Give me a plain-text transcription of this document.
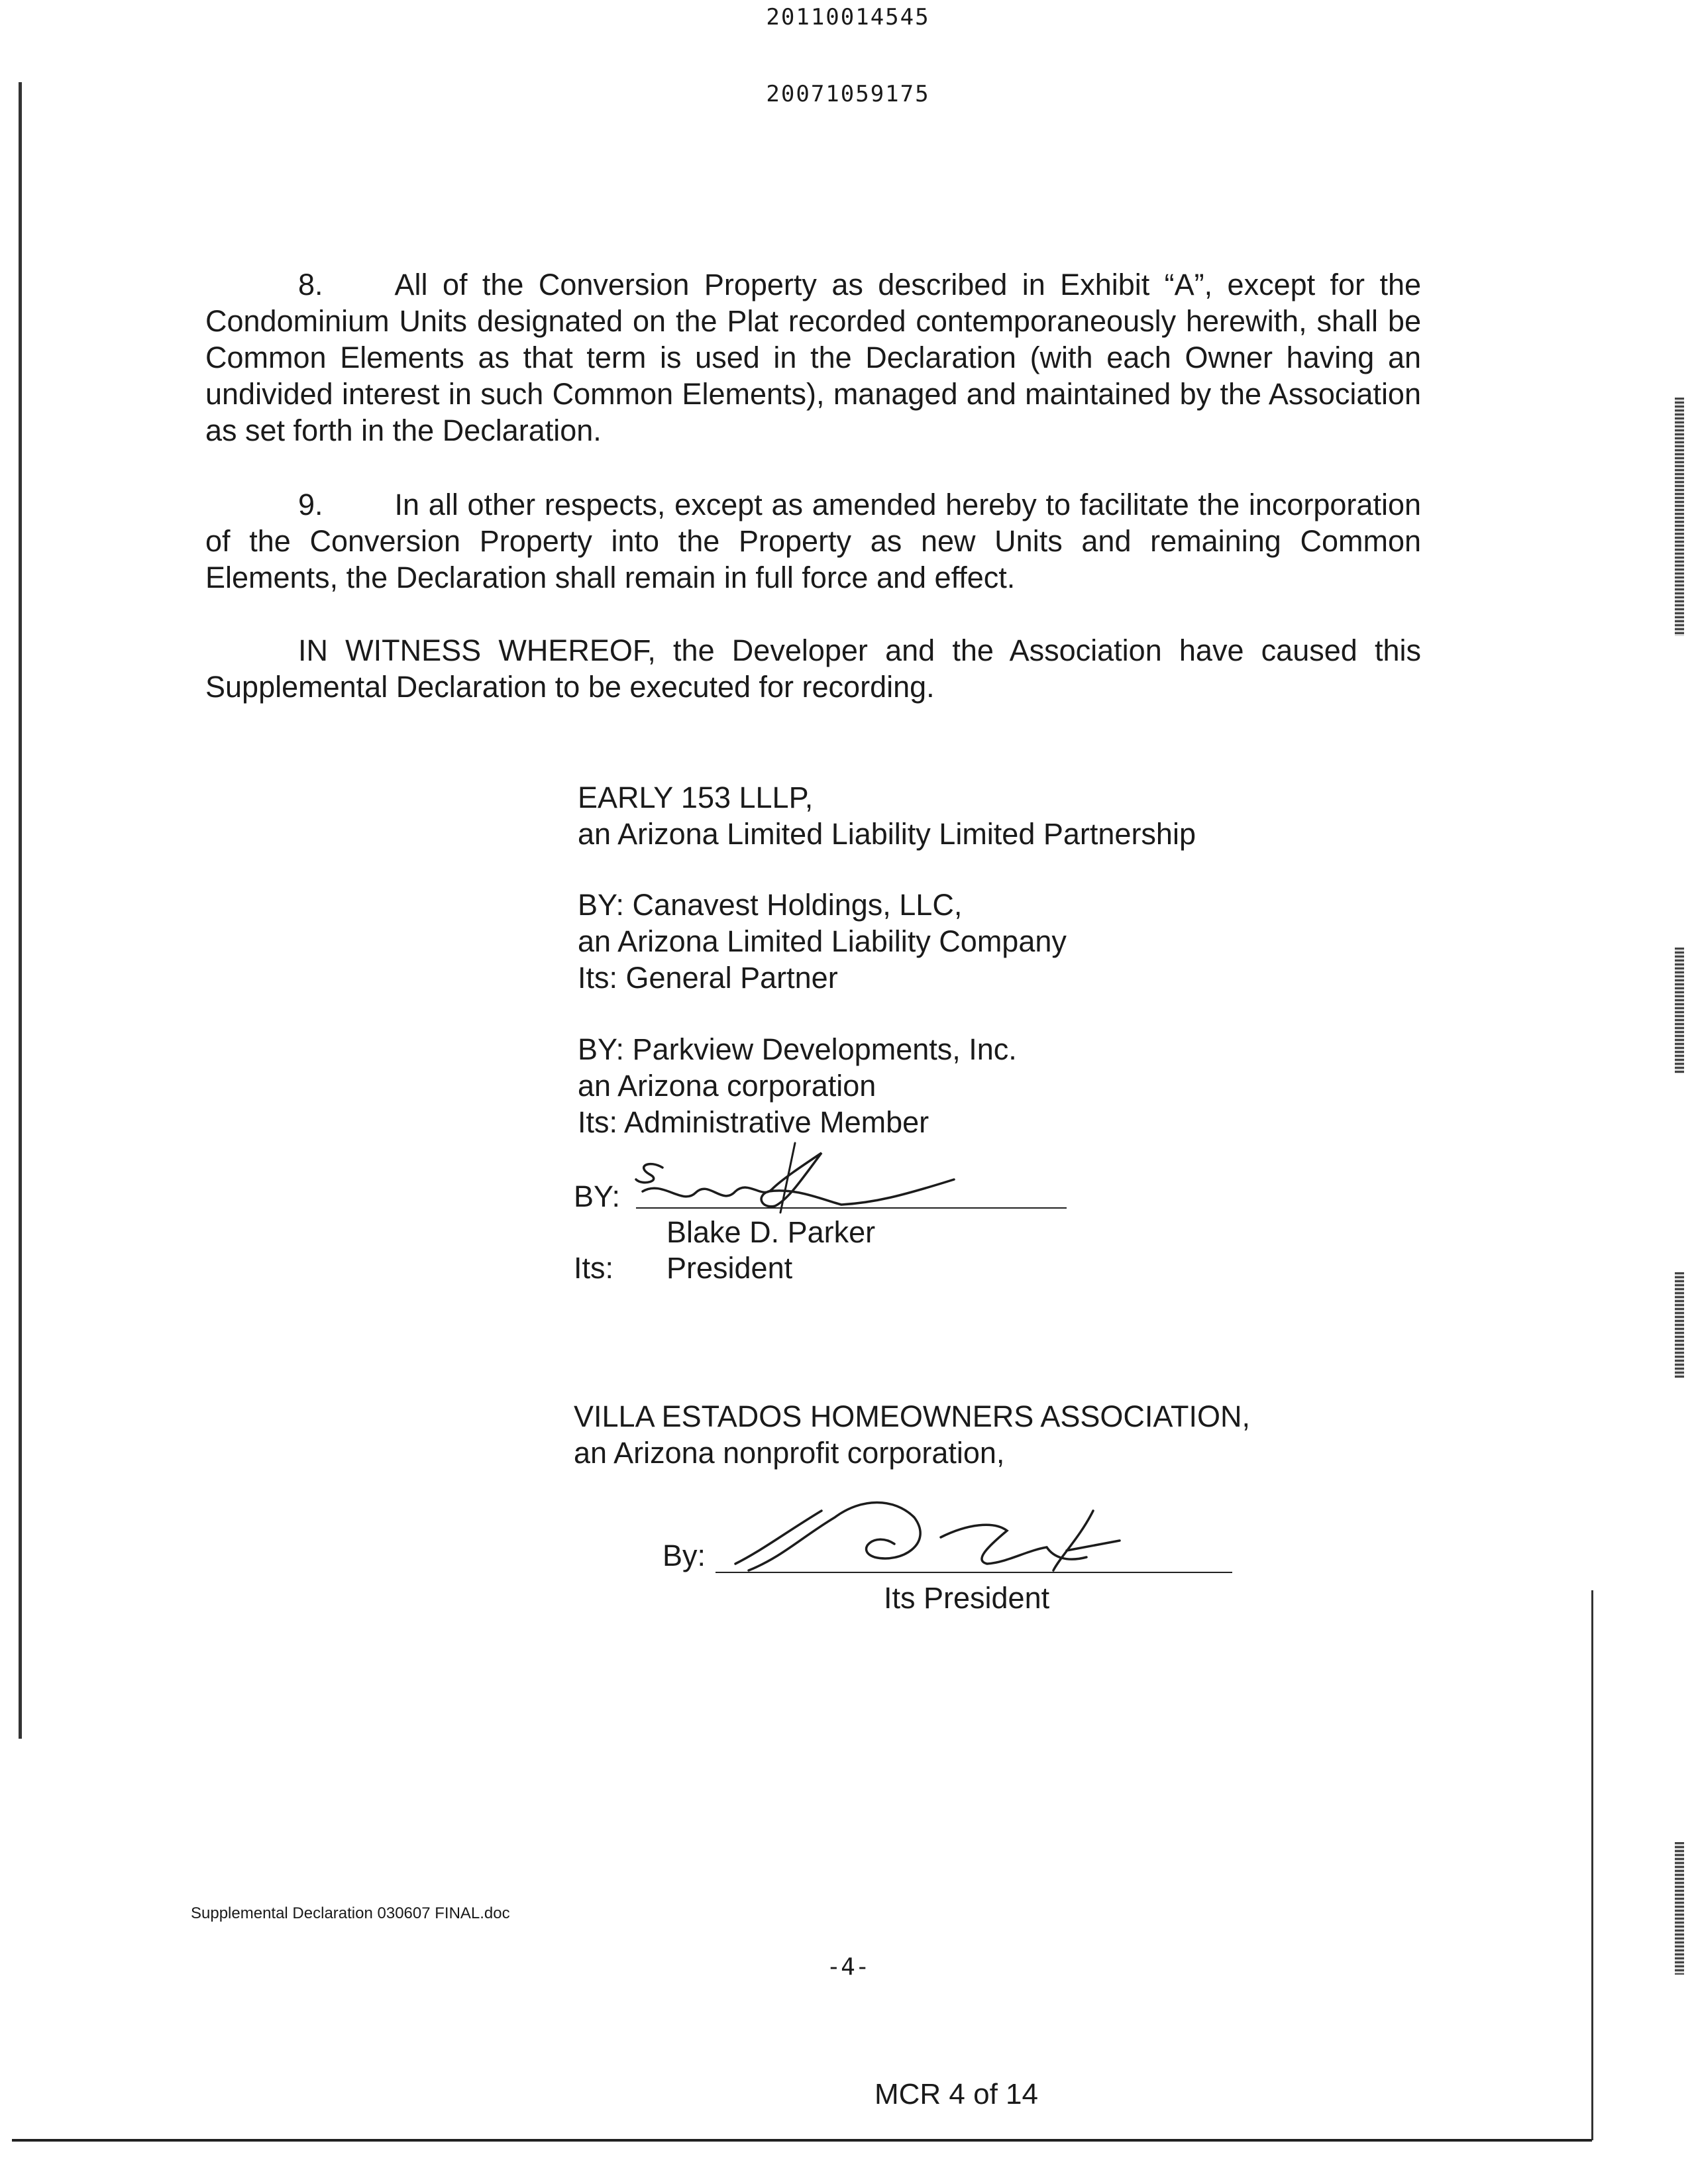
20110014545
20071059175
8. All of the Conversion Property as described in Exhibit “A”, except for the Condominium Units designated on the Plat recorded contemporaneously herewith, shall be Common Elements as that term is used in the Declaration (with each Owner having an undivided interest in such Common Elements), managed and maintained by the Association as set forth in the Declaration.
9. In all other respects, except as amended hereby to facilitate the incorporation of the Conversion Property into the Property as new Units and remaining Common Elements, the Declaration shall remain in full force and effect.
IN WITNESS WHEREOF, the Developer and the Association have caused this Supplemental Declaration to be executed for recording.
EARLY 153 LLLP,
an Arizona Limited Liability Limited Partnership
BY: Canavest Holdings, LLC,
an Arizona Limited Liability Company
Its: General Partner
BY: Parkview Developments, Inc.
an Arizona corporation
Its: Administrative Member
BY:
Blake D. Parker
Its: President
VILLA ESTADOS HOMEOWNERS ASSOCIATION,
an Arizona nonprofit corporation,
By:
Its President
Supplemental Declaration 030607 FINAL.doc
-4-
MCR 4 of 14
